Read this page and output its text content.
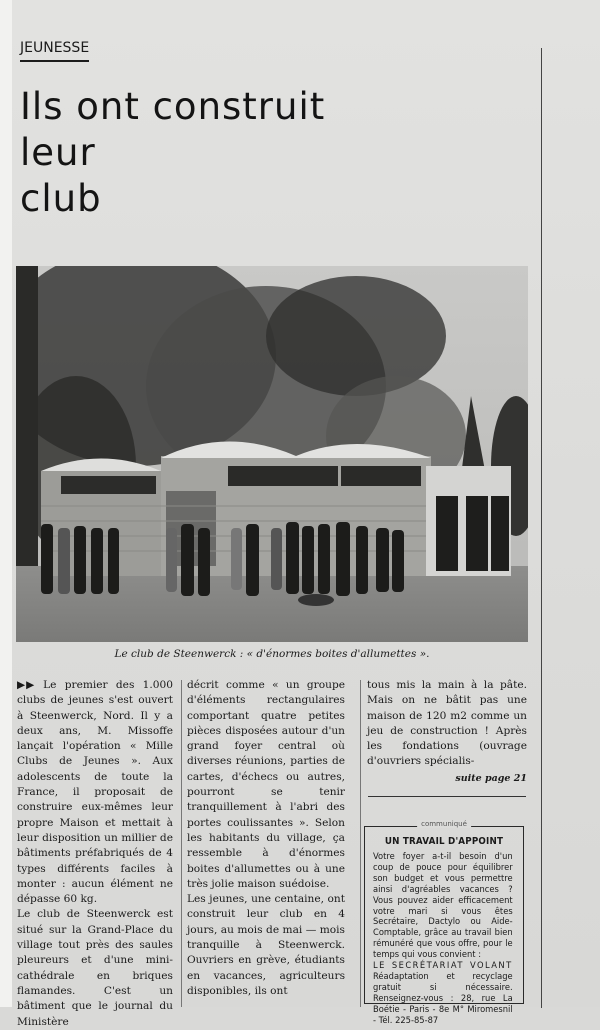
JEUNESSE
Ils ont construit
leur
club
Le club de Steenwerck : « d'énormes boites d'allumettes ».

▶▶ Le premier des 1.000 clubs de jeunes s'est ouvert à Steenwerck, Nord. Il y a deux ans, M. Missoffe lançait l'opération « Mille Clubs de Jeunes ». Aux adolescents de toute la France, il proposait de construire eux-mêmes leur propre Maison et mettait à leur disposition un millier de bâtiments préfabriqués de 4 types différents faciles à monter : aucun élément ne dépasse 60 kg.

Le club de Steenwerck est situé sur la Grand-Place du village tout près des saules pleureurs et d'une mini-cathédrale en briques flamandes. C'est un bâtiment que le journal du Ministère

décrit comme « un groupe d'éléments rectangulaires comportant quatre petites pièces disposées autour d'un grand foyer central où diverses réunions, parties de cartes, d'échecs ou autres, pourront se tenir tranquillement à l'abri des portes coulissantes ». Selon les habitants du village, ça ressemble à d'énormes boites d'allumettes ou à une très jolie maison suédoise.

Les jeunes, une centaine, ont construit leur club en 4 jours, au mois de mai — mois tranquille à Steenwerck. Ouvriers en grève, étudiants en vacances, agriculteurs disponibles, ils ont

tous mis la main à la pâte. Mais on ne bâtit pas une maison de 120 m2 comme un jeu de construction ! Après les fondations (ouvrage d'ouvriers spécialis-

suite page 21
communiqué
UN TRAVAIL D'APPOINT
Votre foyer a-t-il besoin d'un coup de pouce pour équilibrer son budget et vous permettre ainsi d'agréables vacances ? Vous pouvez aider efficacement votre mari si vous êtes Secrétaire, Dactylo ou Aide-Comptable, grâce au travail bien rémunéré que vous offre, pour le temps qui vous convient :
LE SECRÉTARIAT VOLANT
Réadaptation et recyclage gratuit si nécessaire. Renseignez-vous : 28, rue La Boétie - Paris - 8e M° Miromesnil - Tél. 225-85-87
